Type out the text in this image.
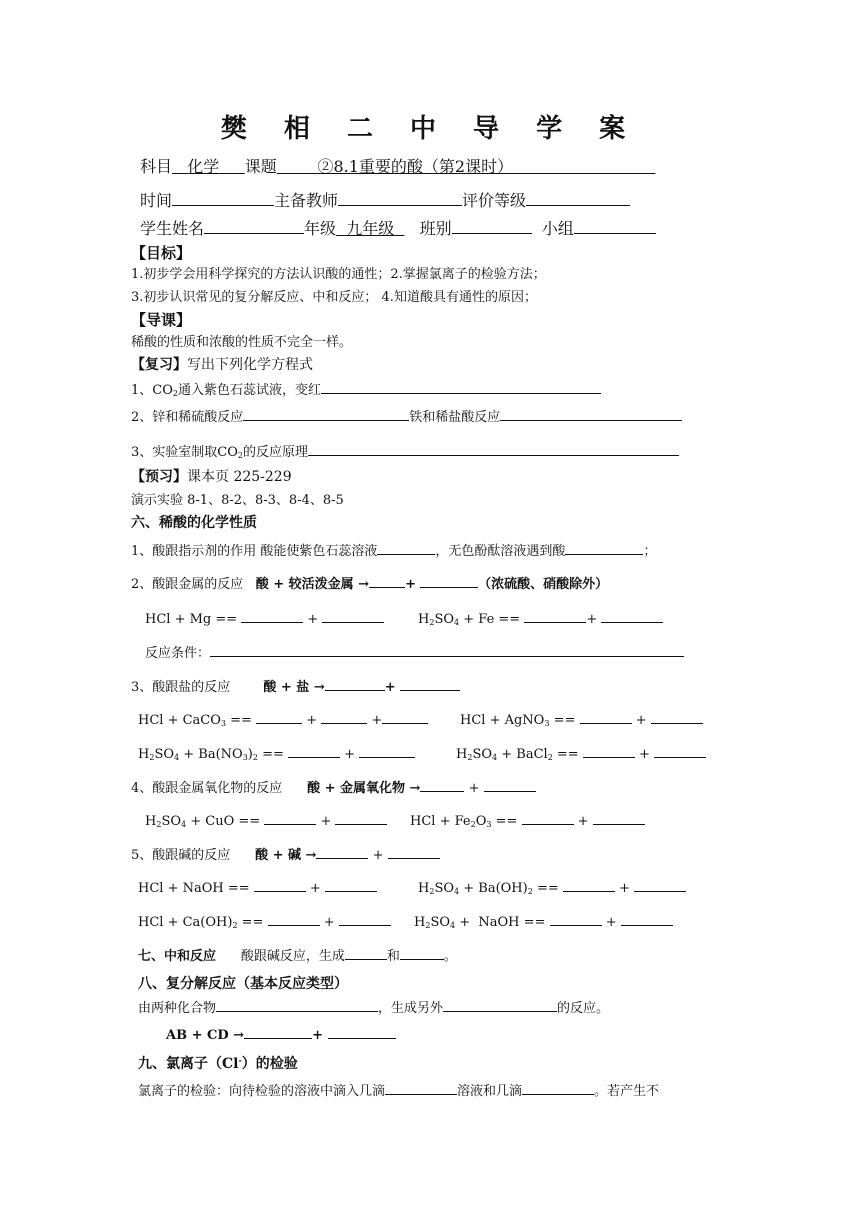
樊 相 二 中 导 学 案
科目 化学 课题	②8.1重要的酸（第2课时）
时间	主备教师	评价等级
学生姓名	年级 九年级 班别	小组
【目标】
1.初步学会用科学探究的方法认识酸的通性；2.掌握氯离子的检验方法；
3.初步认识常见的复分解反应、中和反应； 4.知道酸具有通性的原因；
【导课】
稀酸的性质和浓酸的性质不完全一样。
【复习】写出下列化学方程式
1、$CO_2$通入紫色石蕊试液，变红
2、锌和稀硫酸反应	铁和稀盐酸反应
3、实验室制取$CO_2$的反应原理
【预习】课本页 225-229
演示实验 8-1、8-2、8-3、8-4、8-5
六、稀酸的化学性质
1、酸跟指示剂的作用 酸能使紫色石蕊溶液	，无色酚酞溶液遇到酸	；
2、酸跟金属的反应 酸 + 较活泼金属 →	+	（浓硫酸、硝酸除外）
HCl + Mg ==	+	$H_2SO_4 + Fe$ ==	+
反应条件：
3、酸跟盐的反应	酸 + 盐 →	+
HCl + CaCO$_3$ ==	+	+	HCl + AgNO$_3$ ==	+
$H_2SO_4 + Ba(NO_3)_2$ ==	+	$H_2SO_4$ + BaCl$_2$ ==	+
4、酸跟金属氧化物的反应 酸 + 金属氧化物 →	+
$H_2SO_4$ + CuO ==	+	HCl + $Fe_2O_3$ ==	+
5、酸跟碱的反应 酸 + 碱 →	+
HCl + NaOH ==	+	$H_2SO_4 + Ba(OH)_2$ ==	+
HCl + $Ca(OH)_2$ ==	+	$H_2SO_4$ +  NaOH ==	+
七、中和反应 酸跟碱反应，生成	和	。
八、复分解反应（基本反应类型）
由两种化合物	，生成另外	的反应。
AB + CD →	+
九、氯离子（Cl-）的检验
氯离子的检验：向待检验的溶液中滴入几滴	溶液和几滴	。若产生不
